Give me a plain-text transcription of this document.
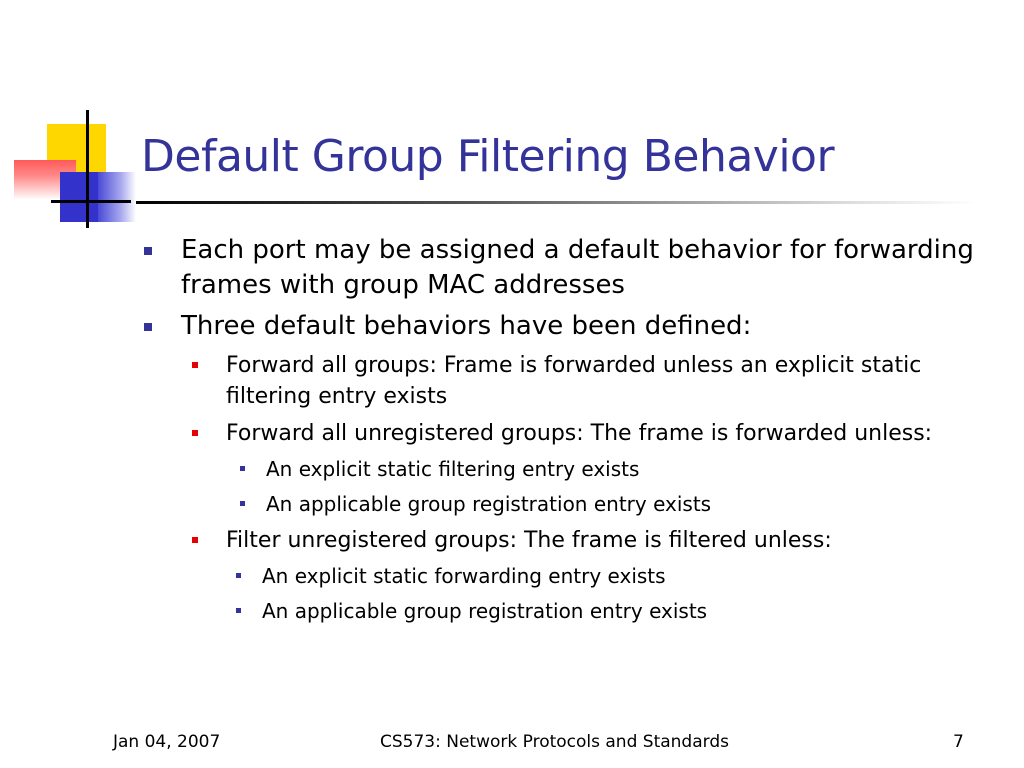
Default Group Filtering Behavior
Each port may be assigned a default behavior for forwarding frames with group MAC addresses
Three default behaviors have been defined:
Forward all groups: Frame is forwarded unless an explicit static filtering entry exists
Forward all unregistered groups: The frame is forwarded unless:
An explicit static filtering entry exists
An applicable group registration entry exists
Filter unregistered groups: The frame is filtered unless:
An explicit static forwarding entry exists
An applicable group registration entry exists
Jan 04, 2007	CS573: Network Protocols and Standards	7
